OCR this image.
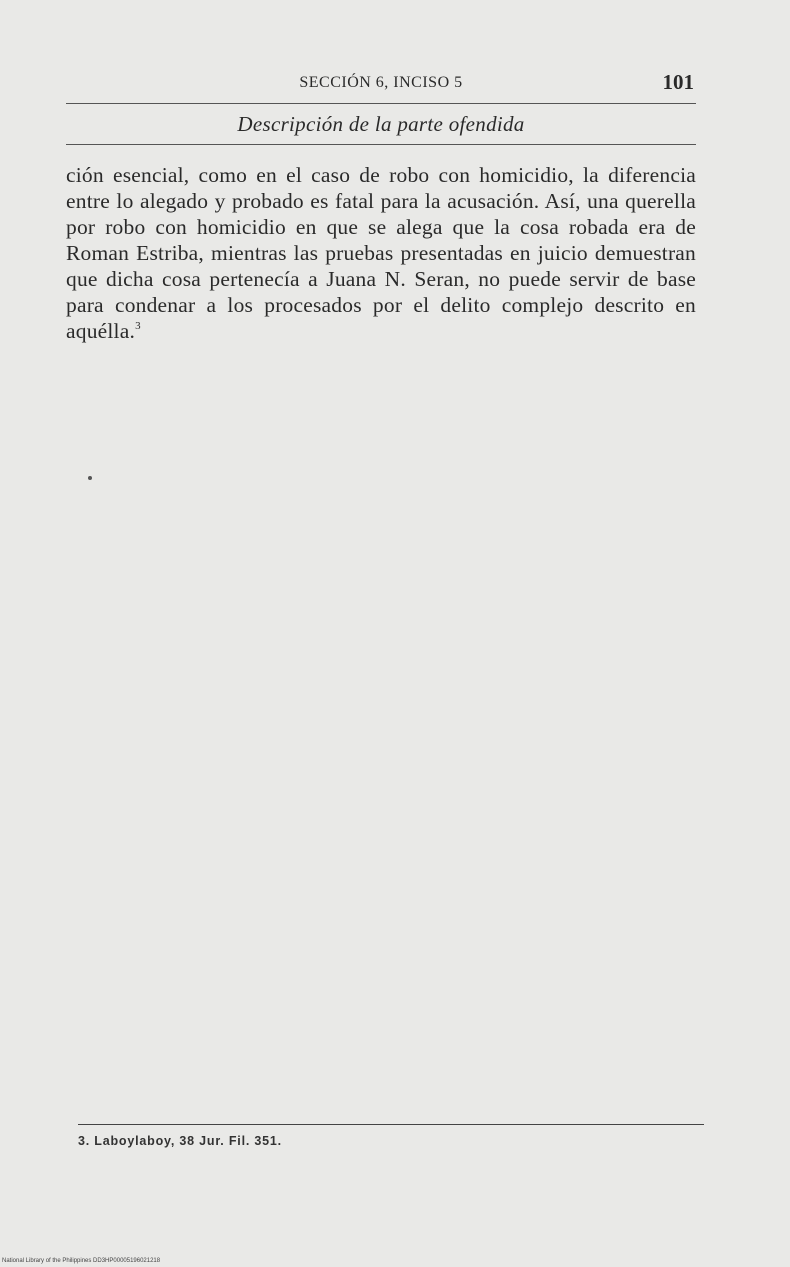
SECCIÓN 6, INCISO 5	101
Descripción de la parte ofendida
ción esencial, como en el caso de robo con homicidio, la diferencia entre lo alegado y probado es fatal para la acusación. Así, una querella por robo con homicidio en que se alega que la cosa robada era de Roman Estriba, mientras las pruebas presentadas en juicio demuestran que dicha cosa pertenecía a Juana N. Seran, no puede servir de base para condenar a los procesados por el delito complejo descrito en aquélla.$^3$
3. Laboylaboy, 38 Jur. Fil. 351.
National Library of the Philippines DD3HP00005196021218
